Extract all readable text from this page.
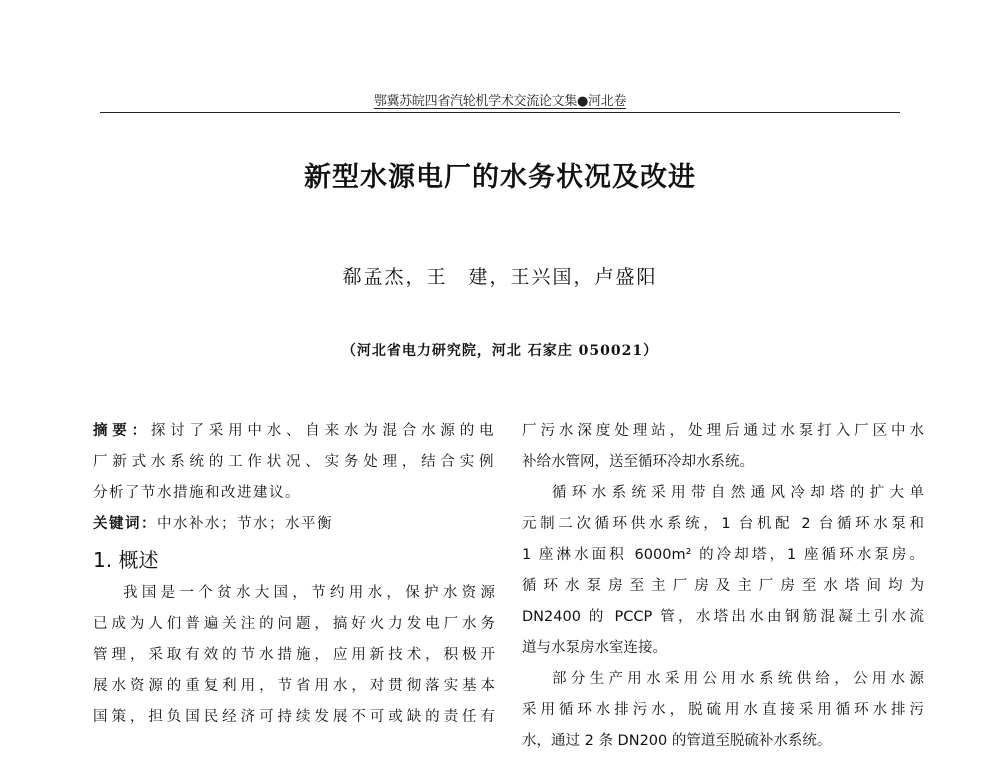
鄂冀苏皖四省汽轮机学术交流论文集●河北卷
新型水源电厂的水务状况及改进
郗孟杰，王　建，王兴国，卢盛阳
（河北省电力研究院，河北 石家庄 050021）
摘要：探讨了采用中水、自来水为混合水源的电
厂新式水系统的工作状况、实务处理，结合实例
分析了节水措施和改进建议。
关键词：中水补水；节水；水平衡
1. 概述
我国是一个贫水大国，节约用水，保护水资源
已成为人们普遍关注的问题，搞好火力发电厂水务
管理，采取有效的节水措施，应用新技术，积极开
展水资源的重复利用，节省用水，对贯彻落实基本
国策，担负国民经济可持续发展不可或缺的责任有
厂污水深度处理站，处理后通过水泵打入厂区中水
补给水管网，送至循环冷却水系统。
循环水系统采用带自然通风冷却塔的扩大单
元制二次循环供水系统，1 台机配 2 台循环水泵和
1 座淋水面积 6000m² 的冷却塔，1 座循环水泵房。
循环水泵房至主厂房及主厂房至水塔间均为
DN2400 的 PCCP 管，水塔出水由钢筋混凝土引水流
道与水泵房水室连接。
部分生产用水采用公用水系统供给，公用水源
采用循环水排污水，脱硫用水直接采用循环水排污
水，通过 2 条 DN200 的管道至脱硫补水系统。
